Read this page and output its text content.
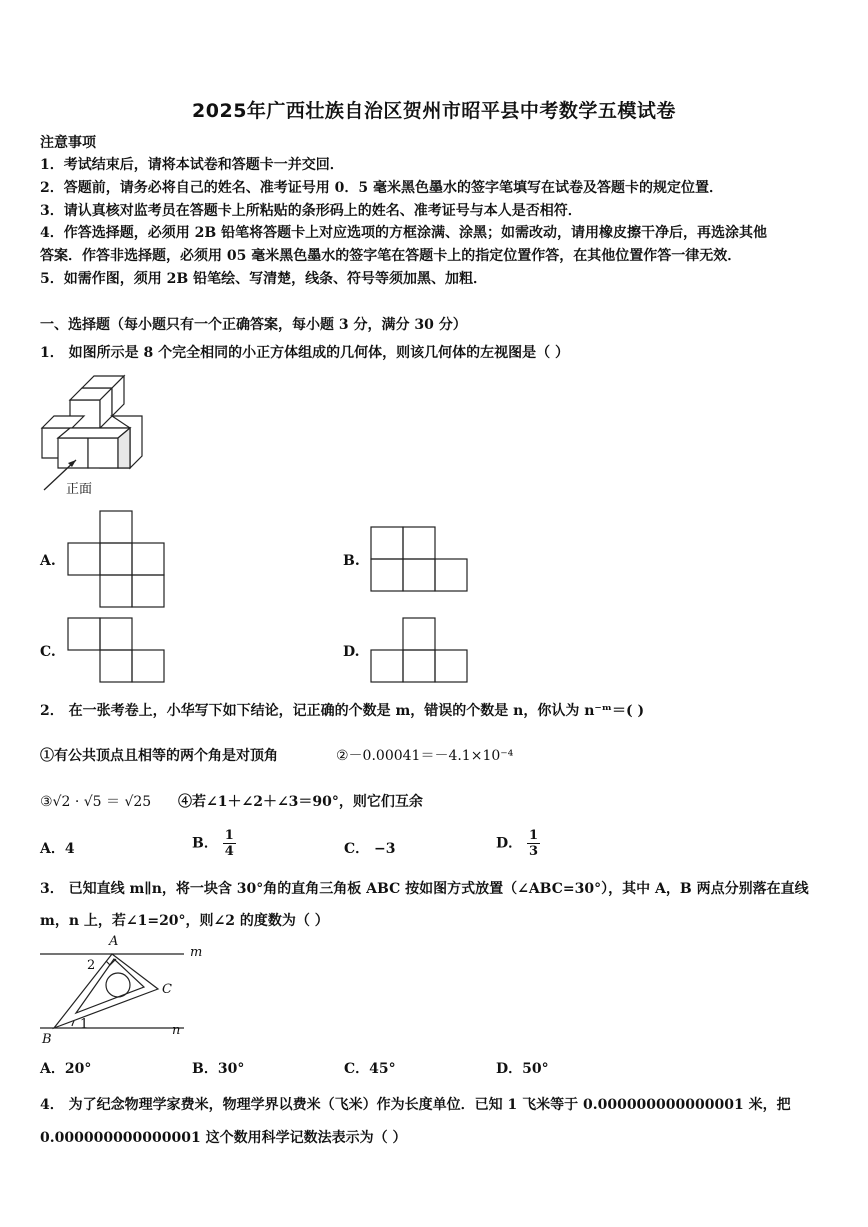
2025年广西壮族自治区贺州市昭平县中考数学五模试卷
注意事项
1．考试结束后，请将本试卷和答题卡一并交回．
2．答题前，请务必将自己的姓名、准考证号用 0．5 毫米黑色墨水的签字笔填写在试卷及答题卡的规定位置．
3．请认真核对监考员在答题卡上所粘贴的条形码上的姓名、准考证号与本人是否相符．
4．作答选择题，必须用 2B 铅笔将答题卡上对应选项的方框涂满、涂黑；如需改动，请用橡皮擦干净后，再选涂其他
答案．作答非选择题，必须用 05 毫米黑色墨水的签字笔在答题卡上的指定位置作答，在其他位置作答一律无效．
5．如需作图，须用 2B 铅笔绘、写清楚，线条、符号等须加黑、加粗．
一、选择题（每小题只有一个正确答案，每小题 3 分，满分 30 分）
1． 如图所示是 8 个完全相同的小正方体组成的几何体，则该几何体的左视图是（ ）
正面
A.	B.
C.	D.
2． 在一张考卷上，小华写下如下结论，记正确的个数是 m，错误的个数是 n，你认为 n⁻ᵐ＝( )
①有公共顶点且相等的两个角是对顶角	②－0.00041＝－4.1×10⁻⁴
③√2 · √5 ＝ √25 ④若∠1＋∠2＋∠3＝90°，则它们互余
A．4	B． $\frac{1}{4}$	C． −3	D． $\frac{1}{3}$
3． 已知直线 m∥n，将一块含 30°角的直角三角板 ABC 按如图方式放置（∠ABC=30°），其中 A，B 两点分别落在直线
m，n 上，若∠1=20°，则∠2 的度数为（ ）
A
m
2
C
1	n
B
A．20°	B．30°	C．45°	D．50°
4． 为了纪念物理学家费米，物理学界以费米（飞米）作为长度单位．已知 1 飞米等于 0.000000000000001 米，把
0.000000000000001 这个数用科学记数法表示为（ ）
